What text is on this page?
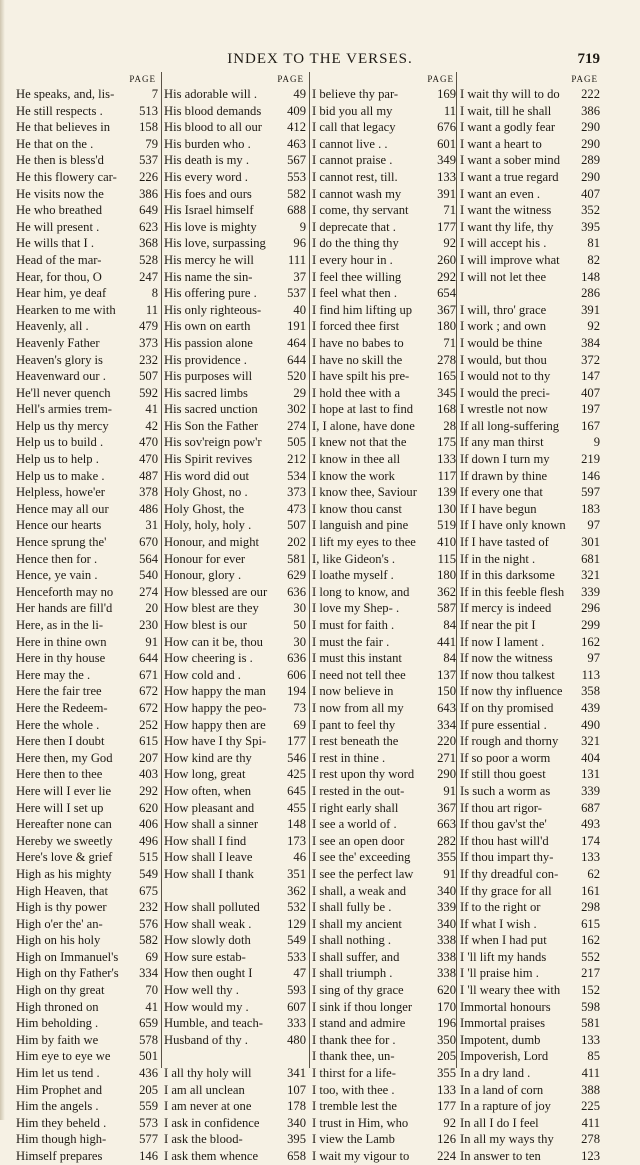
INDEX TO THE VERSES.	719
PAGE
He speaks, and, lis-	7
He still respects .	513
He that believes in	158
He that on the .	79
He then is bless'd	537
He this flowery car-	226
He visits now the	386
He who breathed	649
He will present .	623
He wills that I .	368
Head of the mar-	528
Hear, for thou, O	247
Hear him, ye deaf	8
Hearken to me with	11
Heavenly, all .	479
Heavenly Father	373
Heaven's glory is	232
Heavenward our .	507
He'll never quench	592
Hell's armies trem-	41
Help us thy mercy	42
Help us to build .	470
Help us to help .	470
Help us to make .	487
Helpless, howe'er	378
Hence may all our	486
Hence our hearts	31
Hence sprung the'	670
Hence then for .	564
Hence, ye vain .	540
Henceforth may no	274
Her hands are fill'd	20
Here, as in the li-	230
Here in thine own	91
Here in thy house	644
Here may the .	671
Here the fair tree	672
Here the Redeem-	672
Here the whole .	252
Here then I doubt	615
Here then, my God	207
Here then to thee	403
Here will I ever lie	292
Here will I set up	620
Hereafter none can	406
Hereby we sweetly	496
Here's love & grief	515
High as his mighty	549
High Heaven, that	675
High is thy power	232
High o'er the' an-	576
High on his holy	582
High on Immanuel's	69
High on thy Father's	334
High on thy great	70
High throned on	41
Him beholding .	659
Him by faith we	578
Him eye to eye we	501
Him let us tend .	436
Him Prophet and	205
Him the angels .	559
Him they beheld .	573
Him though high-	577
Himself prepares	146
PAGE
His adorable will .	49
His blood demands	409
His blood to all our	412
His burden who .	463
His death is my .	567
His every word .	553
His foes and ours	582
His Israel himself	688
His love is mighty	9
His love, surpassing	96
His mercy he will	111
His name the sin-	37
His offering pure .	537
His only righteous-	40
His own on earth	191
His passion alone	464
His providence .	644
His purposes will	520
His sacred limbs	29
His sacred unction	302
His Son the Father	274
His sov'reign pow'r	505
His Spirit revives	212
His word did out	534
Holy Ghost, no .	373
Holy Ghost, the	473
Holy, holy, holy .	507
Honour, and might	202
Honour for ever	581
Honour, glory .	629
How blessed are our	636
How blest are they	30
How blest is our	50
How can it be, thou	30
How cheering is .	636
How cold and .	606
How happy the man	194
How happy the peo-	73
How happy then are	69
How have I thy Spi-	177
How kind are thy	546
How long, great	425
How often, when	645
How pleasant and	455
How shall a sinner	148
How shall I find	173
How shall I leave	46
How shall I thank	351
362
How shall polluted	532
How shall weak .	129
How slowly doth	549
How sure estab-	533
How then ought I	47
How well thy .	593
How would my .	607
Humble, and teach-	333
Husband of thy .	480
I all thy holy will	341
I am all unclean	107
I am never at one	178
I ask in confidence	340
I ask the blood-	395
I ask them whence	658
PAGE
I believe thy par-	169
I bid you all my	11
I call that legacy	676
I cannot live . .	601
I cannot praise .	349
I cannot rest, till.	133
I cannot wash my	391
I come, thy servant	71
I deprecate that .	177
I do the thing thy	92
I every hour in .	260
I feel thee willing	292
I feel what then .	654
I find him lifting up	367
I forced thee first	180
I have no babes to	71
I have no skill the	278
I have spilt his pre-	165
I hold thee with a	345
I hope at last to find	168
I, I alone, have done	28
I knew not that the	175
I know in thee all	133
I know the work	117
I know thee, Saviour	139
I know thou canst	130
I languish and pine	519
I lift my eyes to thee	410
I, like Gideon's .	115
I loathe myself .	180
I long to know, and	362
I love my Shep- .	587
I must for faith .	84
I must the fair .	441
I must this instant	84
I need not tell thee	137
I now believe in	150
I now from all my	643
I pant to feel thy	334
I rest beneath the	220
I rest in thine .	271
I rest upon thy word	290
I rested in the out-	91
I right early shall	367
I see a world of .	663
I see an open door	282
I see the' exceeding	355
I see the perfect law	91
I shall, a weak and	340
I shall fully be .	339
I shall my ancient	340
I shall nothing .	338
I shall suffer, and	338
I shall triumph .	338
I sing of thy grace	620
I sink if thou longer	170
I stand and admire	196
I thank thee for .	350
I thank thee, un-	205
I thirst for a life-	355
I too, with thee .	133
I tremble lest the	177
I trust in Him, who	92
I view the Lamb	126
I wait my vigour to	224
PAGE
I wait thy will to do	222
I wait, till he shall	386
I want a godly fear	290
I want a heart to	290
I want a sober mind	289
I want a true regard	290
I want an even .	407
I want the witness	352
I want thy life, thy	395
I will accept his .	81
I will improve what	82
I will not let thee	148
286
I will, thro' grace	391
I work ; and own	92
I would be thine	384
I would, but thou	372
I would not to thy	147
I would the preci-	407
I wrestle not now	197
If all long-suffering	167
If any man thirst	9
If down I turn my	219
If drawn by thine	146
If every one that	597
If I have begun	183
If I have only known	97
If I have tasted of	301
If in the night .	681
If in this darksome	321
If in this feeble flesh	339
If mercy is indeed	296
If near the pit I	299
If now I lament .	162
If now the witness	97
If now thou talkest	113
If now thy influence	358
If on thy promised	439
If pure essential .	490
If rough and thorny	321
If so poor a worm	404
If still thou goest	131
Is such a worm as	339
If thou art rigor-	687
If thou gav'st the'	493
If thou hast will'd	174
If thou impart thy-	133
If thy dreadful con-	62
If thy grace for all	161
If to the right or	298
If what I wish .	615
If when I had put	162
I 'll lift my hands	552
I 'll praise him .	217
I 'll weary thee with	152
Immortal honours	598
Immortal praises	581
Impotent, dumb	133
Impoverish, Lord	85
In a dry land .	411
In a land of corn	388
In a rapture of joy	225
In all I do I feel	411
In all my ways thy	278
In answer to ten	123
